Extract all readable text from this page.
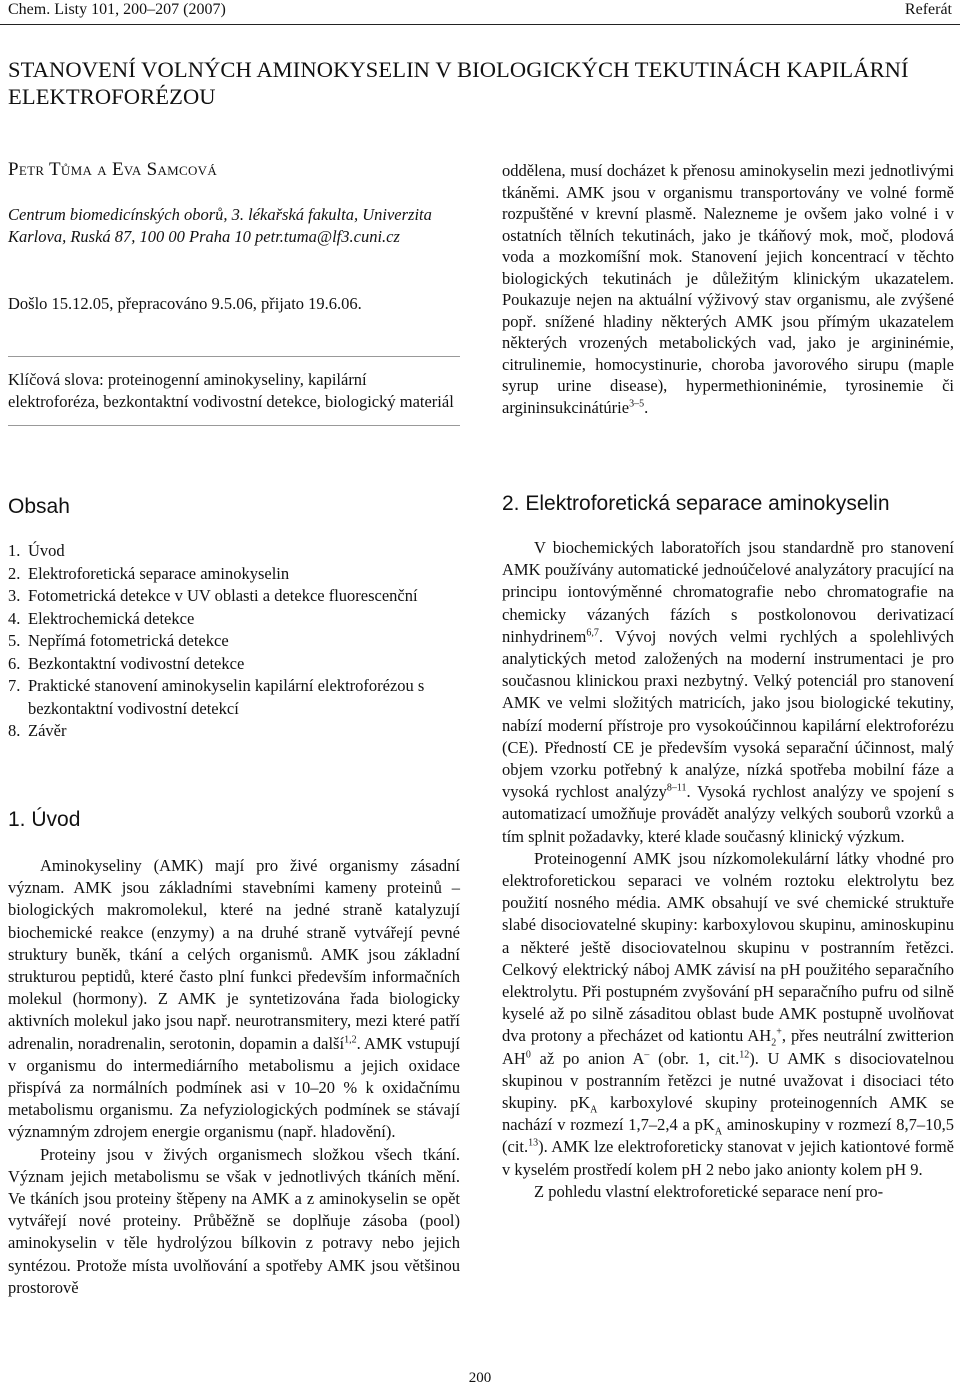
Chem. Listy 101, 200–207 (2007)	Referát
STANOVENÍ VOLNÝCH AMINOKYSELIN V BIOLOGICKÝCH TEKUTINÁCH KAPILÁRNÍ ELEKTROFORÉZOU
Petr Tůma a Eva Samcová
Centrum biomedicínských oborů, 3. lékařská fakulta, Univerzita Karlova, Ruská 87, 100 00 Praha 10 petr.tuma@lf3.cuni.cz
Došlo 15.12.05, přepracováno 9.5.06, přijato 19.6.06.

Klíčová slova: proteinogenní aminokyseliny, kapilární elektroforéza, bezkontaktní vodivostní detekce, biologický materiál

oddělena, musí docházet k přenosu aminokyselin mezi jednotlivými tkáněmi. AMK jsou v organismu transportovány ve volné formě rozpuštěné v krevní plasmě. Nalezneme je ovšem jako volné i v ostatních tělních tekutinách, jako je tkáňový mok, moč, plodová voda a mozkomíšní mok. Stanovení jejich koncentrací v těchto biologických tekutinách je důležitým klinickým ukazatelem. Poukazuje nejen na aktuální výživový stav organismu, ale zvýšené popř. snížené hladiny některých AMK jsou přímým ukazatelem některých vrozených metabolických vad, jako je argininémie, citrulinemie, homocystinurie, choroba javorového sirupu (maple syrup urine disease), hypermethioninémie, tyrosinemie či argininsukcinátúrie$^{3-5}$.

Obsah	2. Elektroforetická separace aminokyselin
1. Úvod
2. Elektroforetická separace aminokyselin
3. Fotometrická detekce v UV oblasti a detekce fluorescenční
4. Elektrochemická detekce
5. Nepřímá fotometrická detekce
6. Bezkontaktní vodivostní detekce
7. Praktické stanovení aminokyselin kapilární elektroforézou s bezkontaktní vodivostní detekcí
8. Závěr
1. Úvod

Aminokyseliny (AMK) mají pro živé organismy zásadní význam. AMK jsou základními stavebními kameny proteinů – biologických makromolekul, které na jedné straně katalyzují biochemické reakce (enzymy) a na druhé straně vytvářejí pevné struktury buněk, tkání a celých organismů. AMK jsou základní strukturou peptidů, které často plní funkci především informačních molekul (hormony). Z AMK je syntetizována řada biologicky aktivních molekul jako jsou např. neurotransmitery, mezi které patří adrenalin, noradrenalin, serotonin, dopamin a další$^{1,2}$. AMK vstupují v organismu do intermediárního metabolismu a jejich oxidace přispívá za normálních podmínek asi v 10–20 % k oxidačnímu metabolismu organismu. Za nefyziologických podmínek se stávají významným zdrojem energie organismu (např. hladovění).

Proteiny jsou v živých organismech složkou všech tkání. Význam jejich metabolismu se však v jednotlivých tkáních mění. Ve tkáních jsou proteiny štěpeny na AMK a z aminokyselin se opět vytvářejí nové proteiny. Průběžně se doplňuje zásoba (pool) aminokyselin v těle hydrolýzou bílkovin z potravy nebo jejich syntézou. Protože místa uvolňování a spotřeby AMK jsou většinou prostorově

V biochemických laboratořích jsou standardně pro stanovení AMK používány automatické jednoúčelové analyzátory pracující na principu iontovýměnné chromatografie nebo chromatografie na chemicky vázaných fázích s postkolonovou derivatizací ninhydrinem$^{6,7}$. Vývoj nových velmi rychlých a spolehlivých analytických metod založených na moderní instrumentaci je pro současnou klinickou praxi nezbytný. Velký potenciál pro stanovení AMK ve velmi složitých matricích, jako jsou biologické tekutiny, nabízí moderní přístroje pro vysokoúčinnou kapilární elektroforézu (CE). Předností CE je především vysoká separační účinnost, malý objem vzorku potřebný k analýze, nízká spotřeba mobilní fáze a vysoká rychlost analýzy$^{8-11}$. Vysoká rychlost analýzy ve spojení s automatizací umožňuje provádět analýzy velkých souborů vzorků a tím splnit požadavky, které klade současný klinický výzkum.

Proteinogenní AMK jsou nízkomolekulární látky vhodné pro elektroforetickou separaci ve volném roztoku elektrolytu bez použití nosného média. AMK obsahují ve své chemické struktuře slabé disociovatelné skupiny: karboxylovou skupinu, aminoskupinu a některé ještě disociovatelnou skupinu v postranním řetězci. Celkový elektrický náboj AMK závisí na pH použitého separačního elektrolytu. Při postupném zvyšování pH separačního pufru od silně kyselé až po silně zásaditou oblast bude AMK postupně uvolňovat dva protony a přecházet od kationtu $AH_2^+$, přes neutrální zwitterion $AH^0$ až po anion A– (obr. 1, cit.$^{12}$). U AMK s disociovatelnou skupinou v postranním řetězci je nutné uvažovat i disociaci této skupiny. $pK_A$ karboxylové skupiny proteinogenních AMK se nachází v rozmezí 1,7–2,4 a $pK_A$ aminoskupiny v rozmezí 8,7–10,5 (cit.$^{13}$). AMK lze elektroforeticky stanovat v jejich kationtové formě v kyselém prostředí kolem pH 2 nebo jako anionty kolem pH 9.

Z pohledu vlastní elektroforetické separace není pro-

200
